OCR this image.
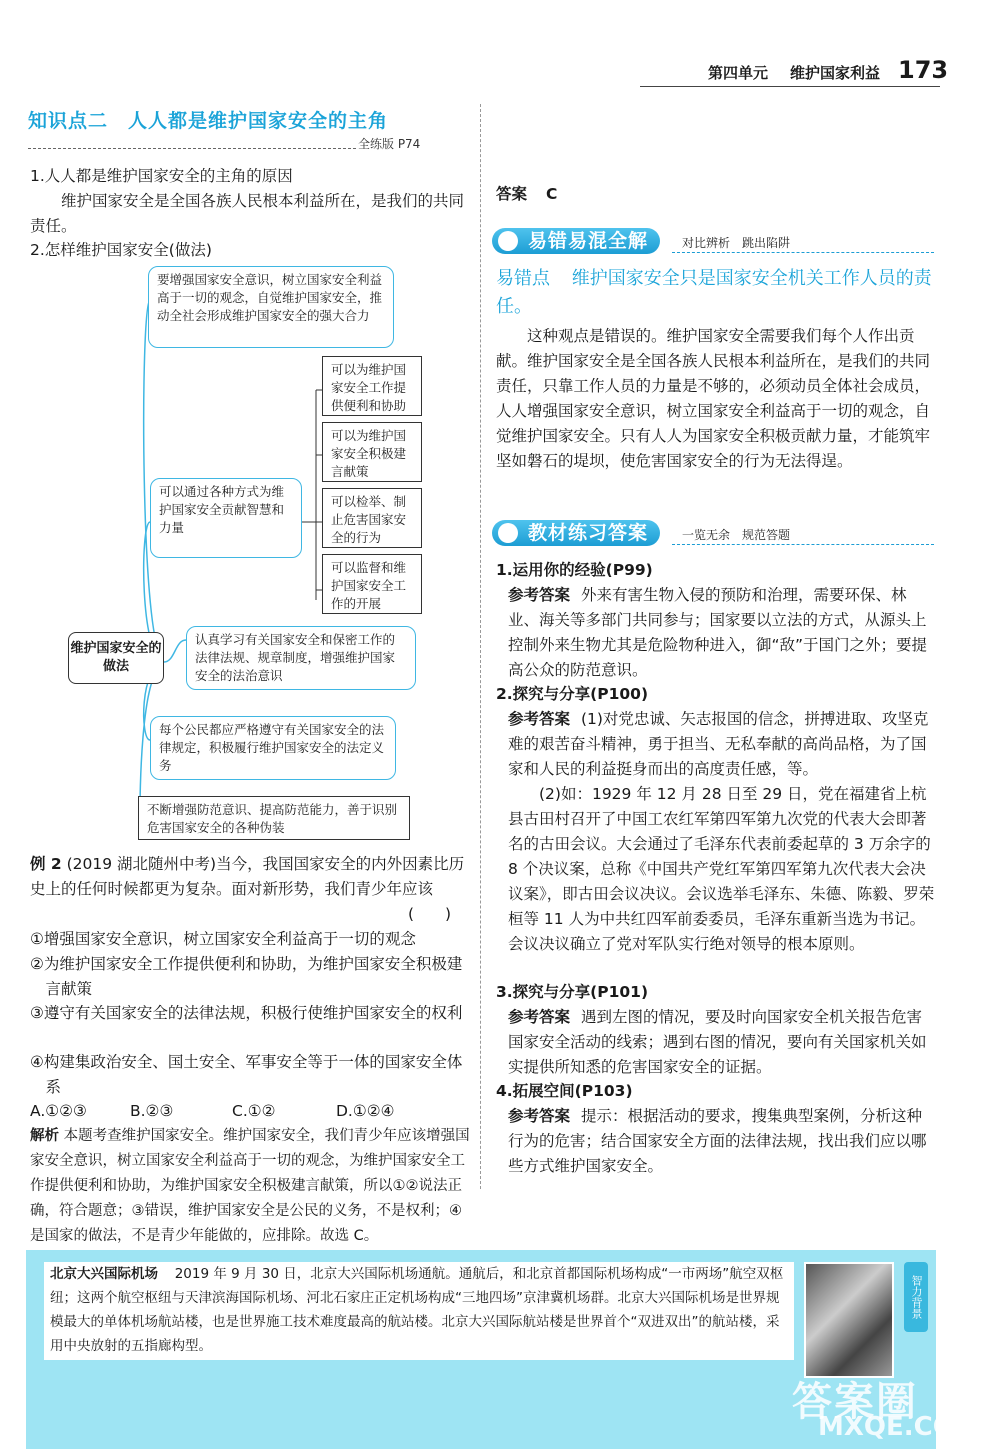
第四单元 维护国家利益 173
知识点二　人人都是维护国家安全的主角
全练版 P74
1.人人都是维护国家安全的主角的原因
维护国家安全是全国各族人民根本利益所在，是我们的共同责任。
2.怎样维护国家安全(做法)
要增强国家安全意识，树立国家安全利益高于一切的观念，自觉维护国家安全，推动全社会形成维护国家安全的强大合力
可以通过各种方式为维护国家安全贡献智慧和力量
可以为维护国家安全工作提供便利和协助
可以为维护国家安全积极建言献策
可以检举、制止危害国家安全的行为
可以监督和维护国家安全工作的开展
维护国家安全的做法
认真学习有关国家安全和保密工作的法律法规、规章制度，增强维护国家安全的法治意识
每个公民都应严格遵守有关国家安全的法律规定，积极履行维护国家安全的法定义务
不断增强防范意识、提高防范能力，善于识别危害国家安全的各种伪装
例 2 (2019 湖北随州中考)当今，我国国家安全的内外因素比历史上的任何时候都更为复杂。面对新形势，我们青少年应该
(　　)
①增强国家安全意识，树立国家安全利益高于一切的观念
②为维护国家安全工作提供便利和协助，为维护国家安全积极建言献策
③遵守有关国家安全的法律法规，积极行使维护国家安全的权利
④构建集政治安全、国土安全、军事安全等于一体的国家安全体系
A.①②③	B.②③	C.①②	D.①②④
解析 本题考查维护国家安全。维护国家安全，我们青少年应该增强国家安全意识，树立国家安全利益高于一切的观念，为维护国家安全工作提供便利和协助，为维护国家安全积极建言献策，所以①②说法正确，符合题意；③错误，维护国家安全是公民的义务，不是权利；④是国家的做法，不是青少年能做的，应排除。故选 C。
答案 C
易错易混全解	对比辨析　跳出陷阱
易错点 维护国家安全只是国家安全机关工作人员的责任。
这种观点是错误的。维护国家安全需要我们每个人作出贡献。维护国家安全是全国各族人民根本利益所在，是我们的共同责任，只靠工作人员的力量是不够的，必须动员全体社会成员，人人增强国家安全意识，树立国家安全利益高于一切的观念，自觉维护国家安全。只有人人为国家安全积极贡献力量，才能筑牢坚如磐石的堤坝，使危害国家安全的行为无法得逞。
教材练习答案	一览无余　规范答题
1.运用你的经验(P99)
参考答案 外来有害生物入侵的预防和治理，需要环保、林业、海关等多部门共同参与；国家要以立法的方式，从源头上控制外来生物尤其是危险物种进入，御“敌”于国门之外；要提高公众的防范意识。
2.探究与分享(P100)
参考答案 (1)对党忠诚、矢志报国的信念，拼搏进取、攻坚克难的艰苦奋斗精神，勇于担当、无私奉献的高尚品格，为了国家和人民的利益挺身而出的高度责任感，等。
(2)如：1929 年 12 月 28 日至 29 日，党在福建省上杭县古田村召开了中国工农红军第四军第九次党的代表大会即著名的古田会议。大会通过了毛泽东代表前委起草的 3 万余字的 8 个决议案，总称《中国共产党红军第四军第九次代表大会决议案》，即古田会议决议。会议选举毛泽东、朱德、陈毅、罗荣桓等 11 人为中共红四军前委委员，毛泽东重新当选为书记。会议决议确立了党对军队实行绝对领导的根本原则。
3.探究与分享(P101)
参考答案 遇到左图的情况，要及时向国家安全机关报告危害国家安全活动的线索；遇到右图的情况，要向有关国家机关如实提供所知悉的危害国家安全的证据。
4.拓展空间(P103)
参考答案 提示：根据活动的要求，搜集典型案例，分析这种行为的危害；结合国家安全方面的法律法规，找出我们应以哪些方式维护国家安全。
北京大兴国际机场 2019 年 9 月 30 日，北京大兴国际机场通航。通航后，和北京首都国际机场构成“一市两场”航空双枢纽；这两个航空枢纽与天津滨海国际机场、河北石家庄正定机场构成“三地四场”京津冀机场群。北京大兴国际机场是世界规模最大的单体机场航站楼，也是世界施工技术难度最高的航站楼。北京大兴国际航站楼是世界首个“双进双出”的航站楼，采用中央放射的五指廊构型。
智力背景
答案圈
MXQE.COM
